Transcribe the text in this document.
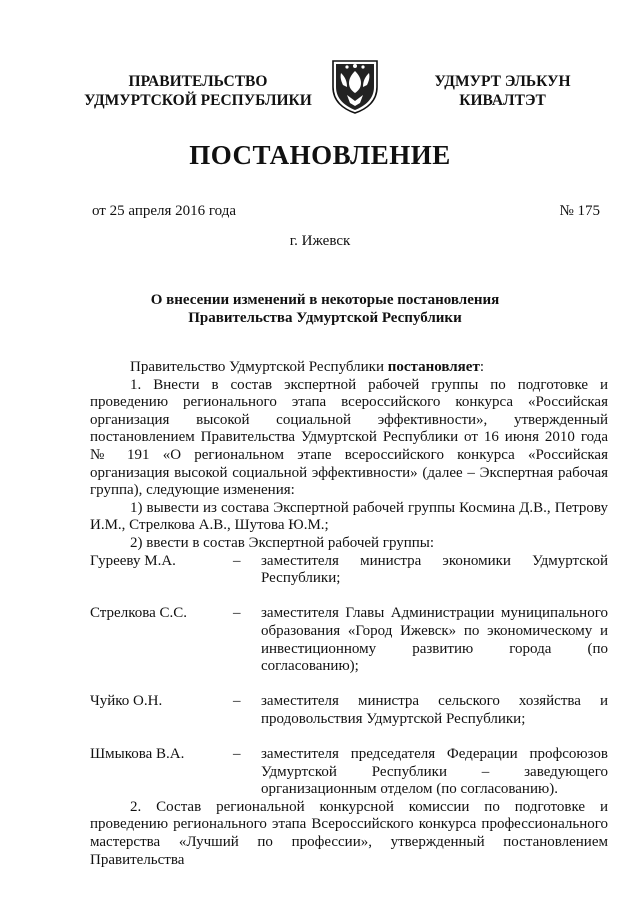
ПРАВИТЕЛЬСТВО
УДМУРТСКОЙ РЕСПУБЛИКИ
УДМУРТ ЭЛЬКУН
КИВАЛТЭТ
ПОСТАНОВЛЕНИЕ
от 25 апреля 2016 года	№ 175
г. Ижевск
О внесении изменений в некоторые постановления
Правительства Удмуртской Республики

Правительство Удмуртской Республики постановляет:

1. Внести в состав экспертной рабочей группы по подготовке и проведению регионального этапа всероссийского конкурса «Российская организация высокой социальной эффективности», утвержденный постановлением Правительства Удмуртской Республики от 16 июня 2010 года № 191 «О региональном этапе всероссийского конкурса «Российская организация высокой социальной эффективности» (далее – Экспертная рабочая группа), следующие изменения:

1) вывести из состава Экспертной рабочей группы Космина Д.В., Петрову И.М., Стрелкова А.В., Шутова Ю.М.;

2) ввести в состав Экспертной рабочей группы:

Гурееву М.А.	–	заместителя министра экономики Удмуртской Республики;
Стрелкова С.С.	–	заместителя Главы Администрации муниципального образования «Город Ижевск» по экономическому и инвестиционному развитию города (по согласованию);
Чуйко О.Н.	–	заместителя министра сельского хозяйства и продовольствия Удмуртской Республики;
Шмыкова В.А.	–	заместителя председателя Федерации профсоюзов Удмуртской Республики – заведующего организационным отделом (по согласованию).

2. Состав региональной конкурсной комиссии по подготовке и проведению регионального этапа Всероссийского конкурса профессионального мастерства «Лучший по профессии», утвержденный постановлением Правительства
